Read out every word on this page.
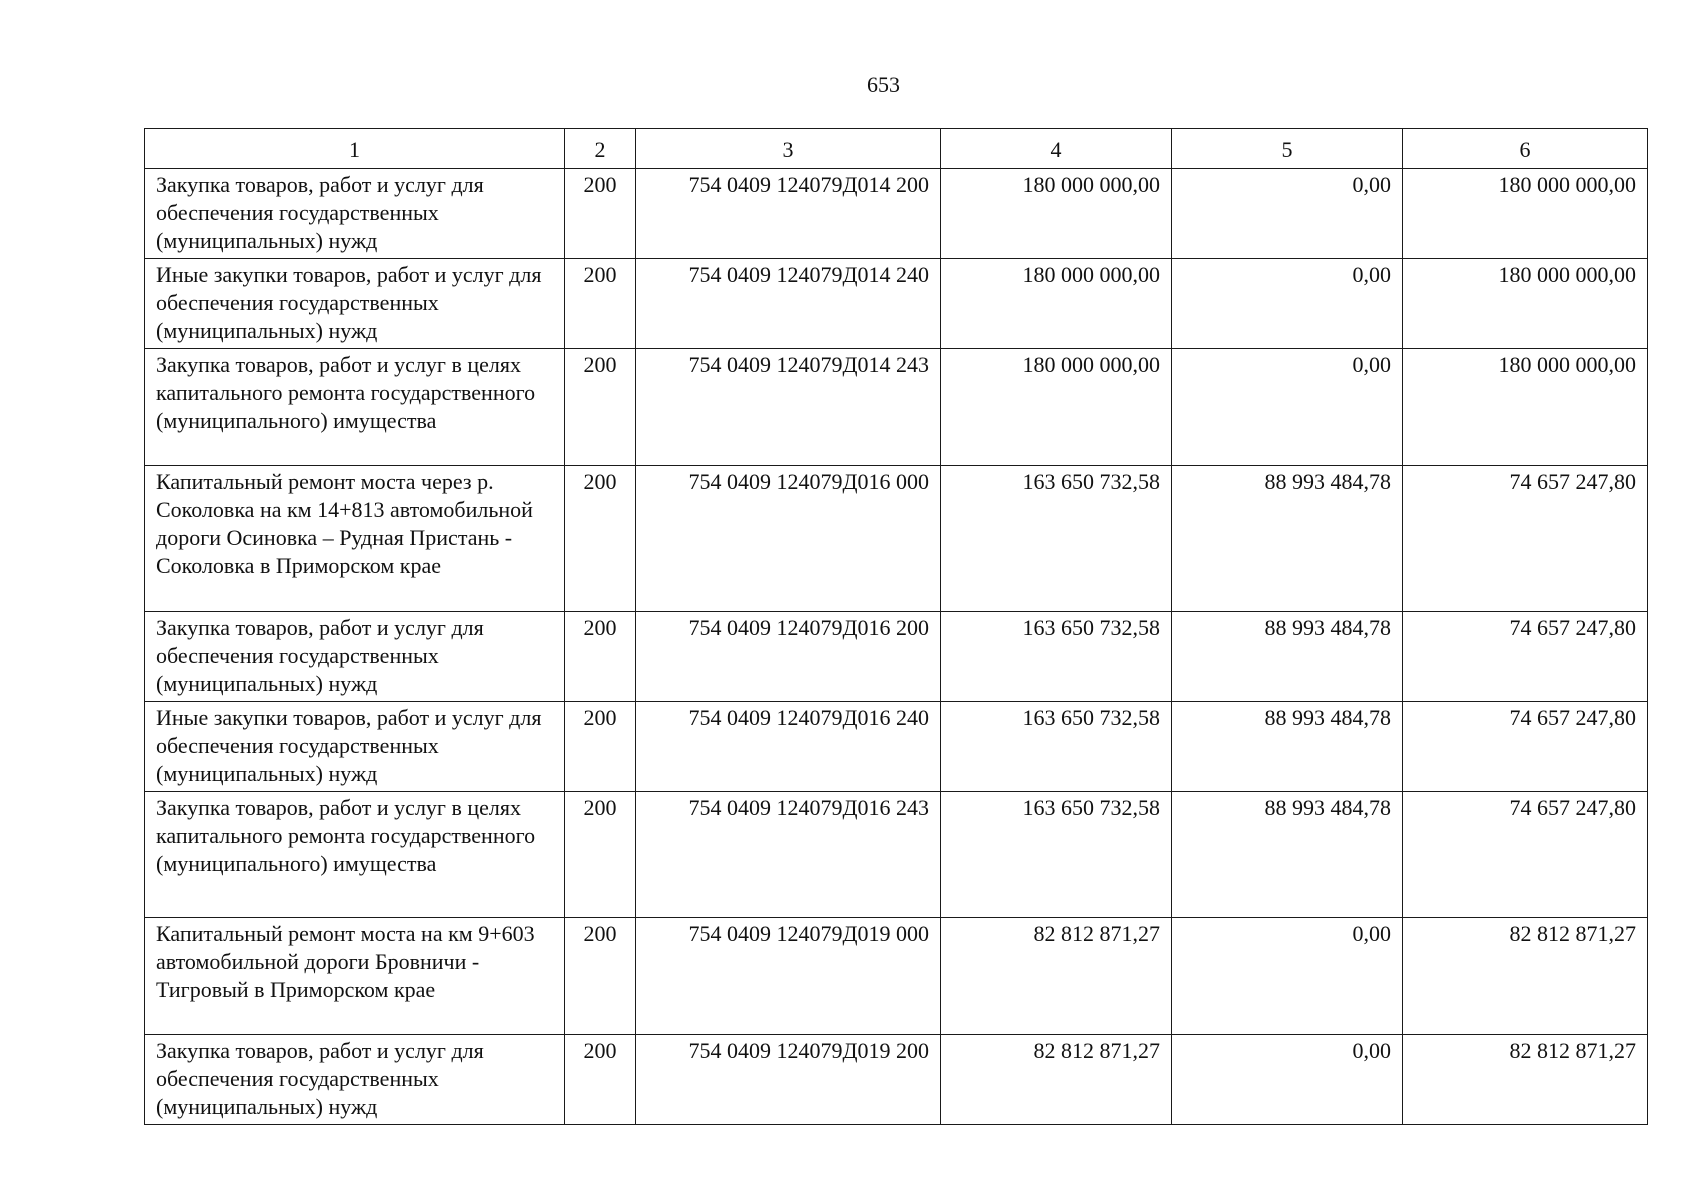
653
1	2	3	4	5	6
Закупка товаров, работ и услуг для обеспечения государственных (муниципальных) нужд	200	754 0409 124079Д014 200	180 000 000,00	0,00	180 000 000,00
Иные закупки товаров, работ и услуг для обеспечения государственных (муниципальных) нужд	200	754 0409 124079Д014 240	180 000 000,00	0,00	180 000 000,00
Закупка товаров, работ и услуг в целях капитального ремонта государственного (муниципального) имущества	200	754 0409 124079Д014 243	180 000 000,00	0,00	180 000 000,00
Капитальный ремонт моста через р. Соколовка на км 14+813 автомобильной дороги Осиновка – Рудная Пристань - Соколовка в Приморском крае	200	754 0409 124079Д016 000	163 650 732,58	88 993 484,78	74 657 247,80
Закупка товаров, работ и услуг для обеспечения государственных (муниципальных) нужд	200	754 0409 124079Д016 200	163 650 732,58	88 993 484,78	74 657 247,80
Иные закупки товаров, работ и услуг для обеспечения государственных (муниципальных) нужд	200	754 0409 124079Д016 240	163 650 732,58	88 993 484,78	74 657 247,80
Закупка товаров, работ и услуг в целях капитального ремонта государственного (муниципального) имущества	200	754 0409 124079Д016 243	163 650 732,58	88 993 484,78	74 657 247,80
Капитальный ремонт моста на км 9+603 автомобильной дороги Бровничи - Тигровый в Приморском крае	200	754 0409 124079Д019 000	82 812 871,27	0,00	82 812 871,27
Закупка товаров, работ и услуг для обеспечения государственных (муниципальных) нужд	200	754 0409 124079Д019 200	82 812 871,27	0,00	82 812 871,27
